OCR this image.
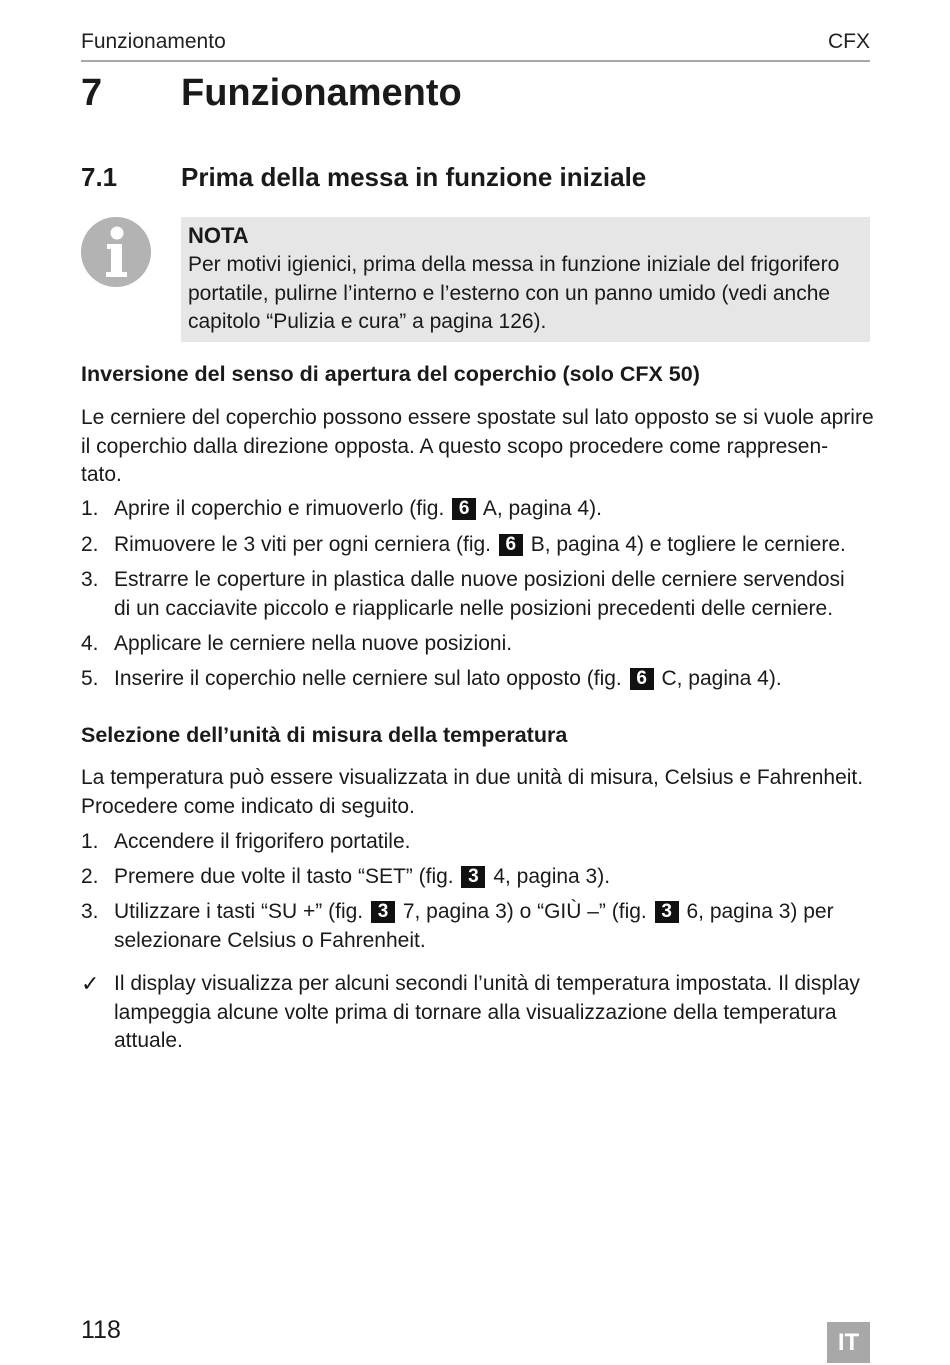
Funzionamento	CFX
7 Funzionamento
7.1 Prima della messa in funzione iniziale
NOTA
Per motivi igienici, prima della messa in funzione iniziale del frigorifero
portatile, pulirne l’interno e l’esterno con un panno umido (vedi anche
capitolo “Pulizia e cura” a pagina 126).
Inversione del senso di apertura del coperchio (solo CFX 50)
Le cerniere del coperchio possono essere spostate sul lato opposto se si vuole aprire
il coperchio dalla direzione opposta. A questo scopo procedere come rappresen-
tato.
1. Aprire il coperchio e rimuoverlo (fig. 6 A, pagina 4).
2. Rimuovere le 3 viti per ogni cerniera (fig. 6 B, pagina 4) e togliere le cerniere.
3. Estrarre le coperture in plastica dalle nuove posizioni delle cerniere servendosi
di un cacciavite piccolo e riapplicarle nelle posizioni precedenti delle cerniere.
4. Applicare le cerniere nella nuove posizioni.
5. Inserire il coperchio nelle cerniere sul lato opposto (fig. 6 C, pagina 4).
Selezione dell’unità di misura della temperatura
La temperatura può essere visualizzata in due unità di misura, Celsius e Fahrenheit.
Procedere come indicato di seguito.
1. Accendere il frigorifero portatile.
2. Premere due volte il tasto “SET” (fig. 3 4, pagina 3).
3. Utilizzare i tasti “SU +” (fig. 3 7, pagina 3) o “GIÙ –” (fig. 3 6, pagina 3) per
selezionare Celsius o Fahrenheit.
✓ Il display visualizza per alcuni secondi l’unità di temperatura impostata. Il display
lampeggia alcune volte prima di tornare alla visualizzazione della temperatura
attuale.
118	IT
